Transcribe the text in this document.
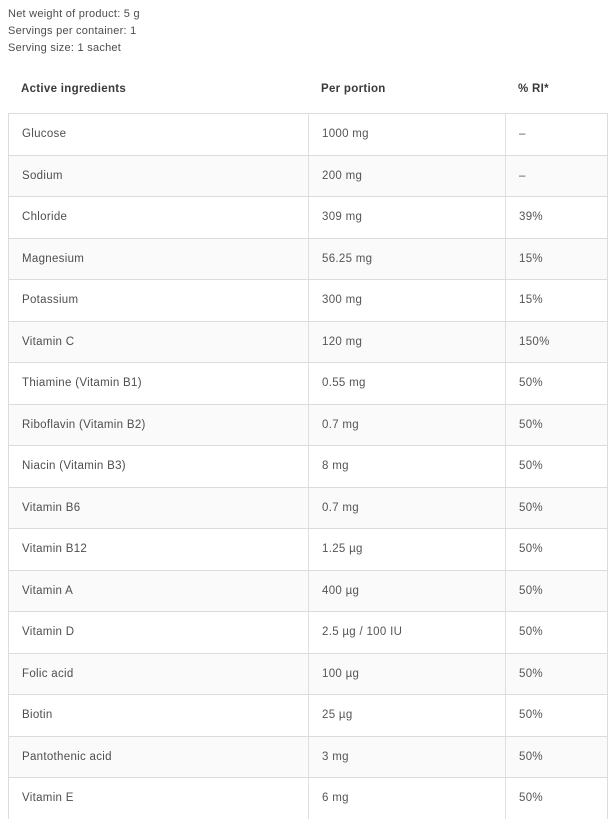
Net weight of product: 5 g
Servings per container: 1
Serving size: 1 sachet
Active ingredients	Per portion	% RI*
Glucose	1000 mg	–
Sodium	200 mg	–
Chloride	309 mg	39%
Magnesium	56.25 mg	15%
Potassium	300 mg	15%
Vitamin C	120 mg	150%
Thiamine (Vitamin B1)	0.55 mg	50%
Riboflavin (Vitamin B2)	0.7 mg	50%
Niacin (Vitamin B3)	8 mg	50%
Vitamin B6	0.7 mg	50%
Vitamin B12	1.25 µg	50%
Vitamin A	400 µg	50%
Vitamin D	2.5 µg / 100 IU	50%
Folic acid	100 µg	50%
Biotin	25 µg	50%
Pantothenic acid	3 mg	50%
Vitamin E	6 mg	50%
